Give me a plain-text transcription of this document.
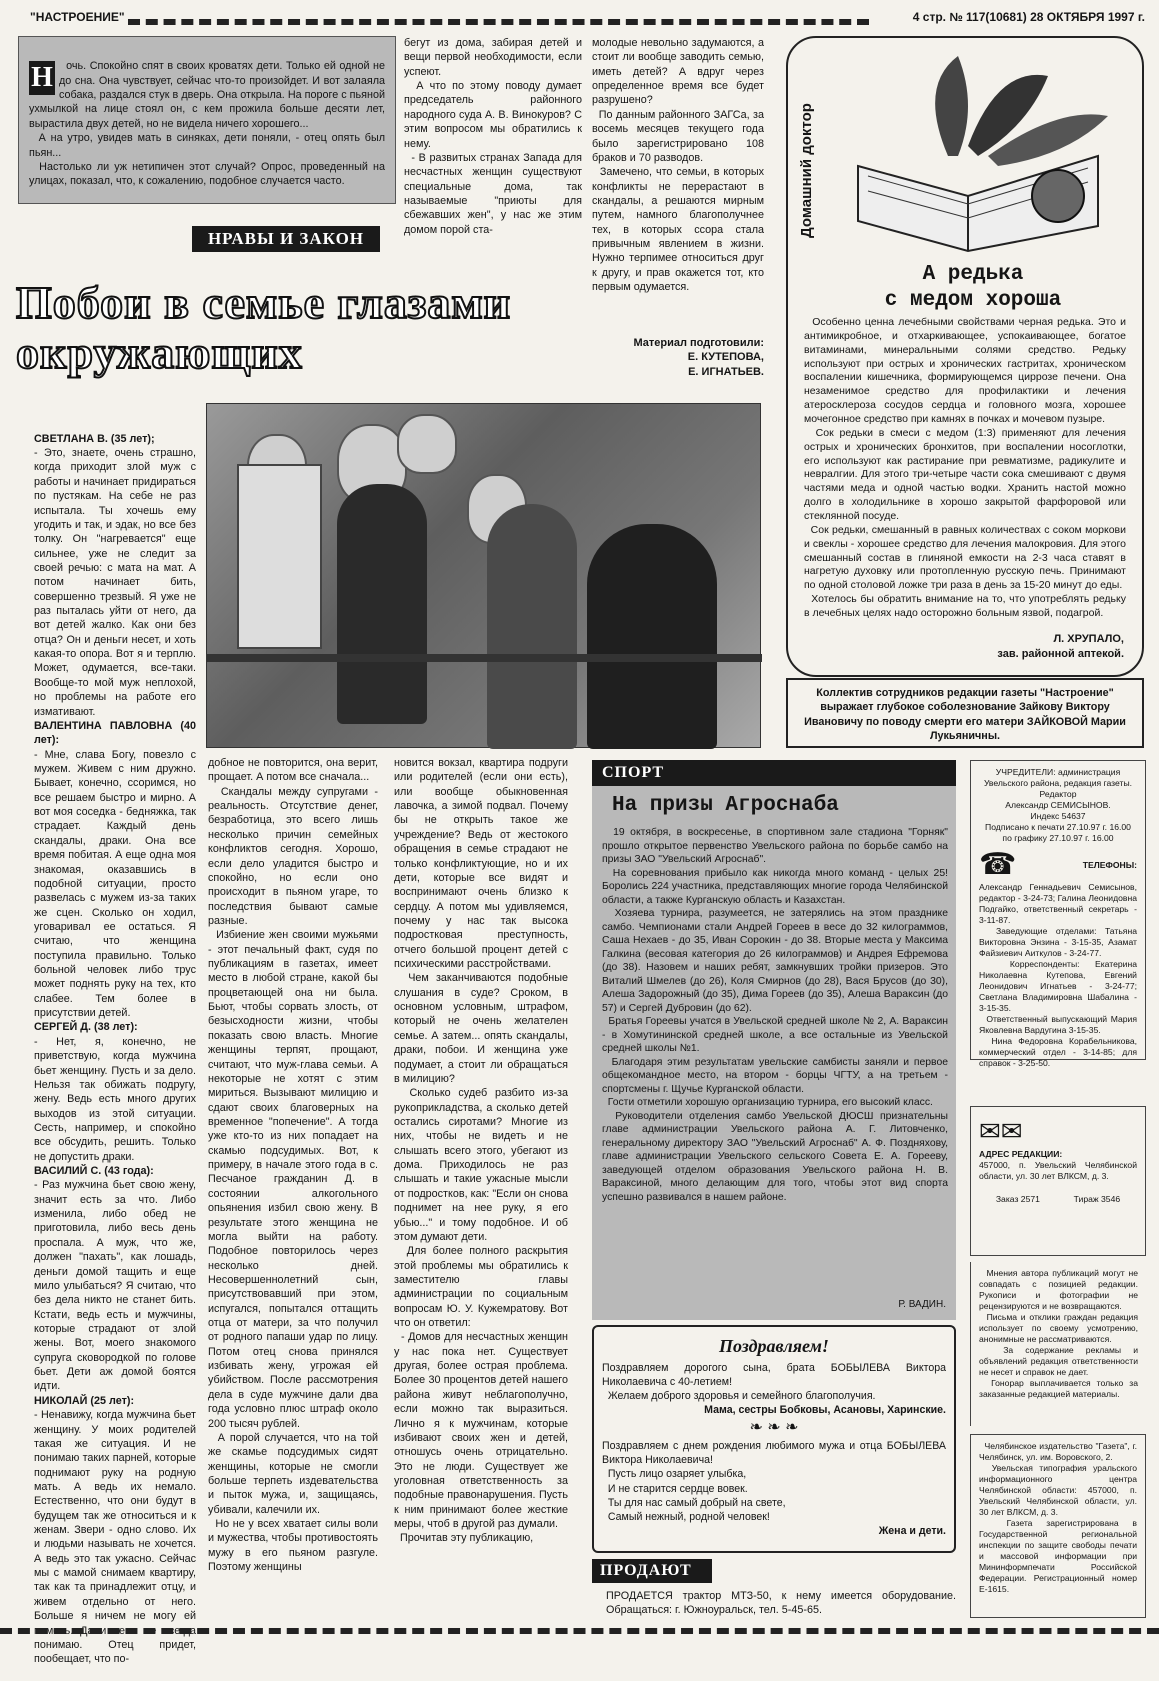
"НАСТРОЕНИЕ"	4 стр. № 117(10681) 28 ОКТЯБРЯ 1997 г.

Н очь. Спокойно спят в своих кроватях дети. Только ей одной не до сна. Она чувствует, сейчас что-то произойдет. И вот залаяла собака, раздался стук в дверь. Она открыла. На пороге с пьяной ухмылкой на лице стоял он, с кем прожила больше десяти лет, вырастила двух детей, но не видела ничего хорошего...
А на утро, увидев мать в синяках, дети поняли, - отец опять был пьян...
Настолько ли уж нетипичен этот случай? Опрос, проведенный на улицах, показал, что, к сожалению, подобное случается часто.

бегут из дома, забирая детей и вещи первой необходимости, если успеют.
А что по этому поводу думает председатель районного народного суда А. В. Винокуров? С этим вопросом мы обратились к нему.
- В развитых странах Запада для несчастных женщин существуют специальные дома, так называемые "приюты для сбежавших жен", у нас же этим домом порой ста-
молодые невольно задумаются, а стоит ли вообще заводить семью, иметь детей? А вдруг через определенное время все будет разрушено?
По данным районного ЗАГСа, за восемь месяцев текущего года было зарегистрировано 108 браков и 70 разводов.
Замечено, что семьи, в которых конфликты не перерастают в скандалы, а решаются мирным путем, намного благополучнее тех, в которых ссора стала привычным явлением в жизни. Нужно терпимее относиться друг к другу, и прав окажется тот, кто первым одумается.
Материал подготовили:
Е. КУТЕПОВА,
Е. ИГНАТЬЕВ.
НРАВЫ И ЗАКОН
Побои в семье глазами окружающих

СВЕТЛАНА В. (35 лет);
- Это, знаете, очень страшно, когда приходит злой муж с работы и начинает придираться по пустякам. На себе не раз испытала. Ты хочешь ему угодить и так, и эдак, но все без толку. Он "нагревается" еще сильнее, уже не следит за своей речью: с мата на мат. А потом начинает бить, совершенно трезвый. Я уже не раз пыталась уйти от него, да вот детей жалко. Как они без отца? Он и деньги несет, и хоть какая-то опора. Вот я и терплю. Может, одумается, все-таки. Вообще-то мой муж неплохой, но проблемы на работе его измативают.
ВАЛЕНТИНА ПАВЛОВНА (40 лет):
- Мне, слава Богу, повезло с мужем. Живем с ним дружно. Бывает, конечно, ссоримся, но все решаем быстро и мирно. А вот моя соседка - бедняжка, так страдает. Каждый день скандалы, драки. Она все время побитая. А еще одна моя знакомая, оказавшись в подобной ситуации, просто развелась с мужем из-за таких же сцен. Сколько он ходил, уговаривал ее остаться. Я считаю, что женщина поступила правильно. Только больной человек либо трус может поднять руку на тех, кто слабее. Тем более в присутствии детей.
СЕРГЕЙ Д. (38 лет):
- Нет, я, конечно, не приветствую, когда мужчина бьет женщину. Пусть и за дело. Нельзя так обижать подругу, жену. Ведь есть много других выходов из этой ситуации. Сесть, например, и спокойно все обсудить, решить. Только не допустить драки.
ВАСИЛИЙ С. (43 года):
- Раз мужчина бьет свою жену, значит есть за что. Либо изменила, либо обед не приготовила, либо весь день проспала. А муж, что же, должен "пахать", как лошадь, деньги домой тащить и еще мило улыбаться? Я считаю, что без дела никто не станет бить. Кстати, ведь есть и мужчины, которые страдают от злой жены. Вот, моего знакомого супруга сковородкой по голове бьет. Дети аж домой боятся идти.
НИКОЛАЙ (25 лет):
- Ненавижу, когда мужчина бьет женщину. У моих родителей такая же ситуация. И не понимаю таких парней, которые поднимают руку на родную мать. А ведь их немало. Естественно, что они будут в будущем так же относиться и к женам. Звери - одно слово. Их и людьми называть не хочется. А ведь это так ужасно. Сейчас мы с мамой снимаем квартиру, так как та принадлежит отцу, и живем отдельно от него. Больше я ничем не могу ей помочь. Да и ее я не всегда понимаю. Отец придет, пообещает, что по-

добное не повторится, она верит, прощает. А потом все сначала...
Скандалы между супругами - реальность. Отсутствие денег, безработица, это всего лишь несколько причин семейных конфликтов сегодня. Хорошо, если дело уладится быстро и спокойно, но если оно происходит в пьяном угаре, то последствия бывают самые разные.
Избиение жен своими мужьями - этот печальный факт, судя по публикациям в газетах, имеет место в любой стране, какой бы процветающей она ни была. Бьют, чтобы сорвать злость, от безысходности жизни, чтобы показать свою власть. Многие женщины терпят, прощают, считают, что муж-глава семьи. А некоторые не хотят с этим мириться. Вызывают милицию и сдают своих благоверных на временное "попечение". А тогда уже кто-то из них попадает на скамью подсудимых. Вот, к примеру, в начале этого года в с. Песчаное гражданин Д. в состоянии алкогольного опьянения избил свою жену. В результате этого женщина не могла выйти на работу. Подобное повторилось через несколько дней. Несовершеннолетний сын, присутствовавший при этом, испугался, попытался оттащить отца от матери, за что получил от родного папаши удар по лицу. Потом отец снова принялся избивать жену, угрожая ей убийством. После рассмотрения дела в суде мужчине дали два года условно плюс штраф около 200 тысяч рублей.
А порой случается, что на той же скамье подсудимых сидят женщины, которые не смогли больше терпеть издевательства и пыток мужа, и, защищаясь, убивали, калечили их.
Но не у всех хватает силы воли и мужества, чтобы противостоять мужу в его пьяном разгуле. Поэтому женщины
новится вокзал, квартира подруги или родителей (если они есть), или вообще обыкновенная лавочка, а зимой подвал. Почему бы не открыть такое же учреждение? Ведь от жестокого обращения в семье страдают не только конфликтующие, но и их дети, которые все видят и воспринимают очень близко к сердцу. А потом мы удивляемся, почему у нас так высока подростковая преступность, отчего большой процент детей с психическими расстройствами.
Чем заканчиваются подобные слушания в суде? Сроком, в основном условным, штрафом, который не очень желателен семье. А затем... опять скандалы, драки, побои. И женщина уже подумает, а стоит ли обращаться в милицию?
Сколько судеб разбито из-за рукоприкладства, а сколько детей остались сиротами? Многие из них, чтобы не видеть и не слышать всего этого, убегают из дома. Приходилось не раз слышать и такие ужасные мысли от подростков, как: "Если он снова поднимет на нее руку, я его убью..." и тому подобное. И об этом думают дети.
Для более полного раскрытия этой проблемы мы обратились к заместителю главы администрации по социальным вопросам Ю. У. Кужемратову. Вот что он ответил:
- Домов для несчастных женщин у нас пока нет. Существует другая, более острая проблема. Более 30 процентов детей нашего района живут неблагополучно, если можно так выразиться. Лично я к мужчинам, которые избивают своих жен и детей, отношусь очень отрицательно. Это не люди. Существует же уголовная ответственность за подобные правонарушения. Пусть к ним принимают более жесткие меры, чтоб в другой раз думали.
Прочитав эту публикацию,
Домашний доктор
А редька
с медом хороша
Особенно ценна лечебными свойствами черная редька. Это и антимикробное, и отхаркивающее, успокаивающее, богатое витаминами, минеральными солями средство. Редьку используют при острых и хронических гастритах, хроническом воспалении кишечника, формирующемся циррозе печени. Она незаменимое средство для профилактики и лечения атеросклероза сосудов сердца и головного мозга, хорошее мочегонное средство при камнях в почках и мочевом пузыре.
Сок редьки в смеси с медом (1:3) применяют для лечения острых и хронических бронхитов, при воспалении носоглотки, его используют как растирание при ревматизме, радикулите и невралгии. Для этого три-четыре части сока смешивают с двумя частями меда и одной частью водки. Хранить настой можно долго в холодильнике в хорошо закрытой фарфоровой или стеклянной посуде.
Сок редьки, смешанный в равных количествах с соком моркови и свеклы - хорошее средство для лечения малокровия. Для этого смешанный состав в глиняной емкости на 2-3 часа ставят в нагретую духовку или протопленную русскую печь. Принимают по одной столовой ложке три раза в день за 15-20 минут до еды.
Хотелось бы обратить внимание на то, что употреблять редьку в лечебных целях надо осторожно больным язвой, подагрой.
Л. ХРУПАЛО,
зав. районной аптекой.
Коллектив сотрудников редакции газеты "Настроение" выражает глубокое соболезнование Зайкову Виктору Ивановичу по поводу смерти его матери ЗАЙКОВОЙ Марии Лукьяничны.
СПОРТ
На призы Агроснаба
19 октября, в воскресенье, в спортивном зале стадиона "Горняк" прошло открытое первенство Увельского района по борьбе самбо на призы ЗАО "Увельский Агроснаб".
На соревнования прибыло как никогда много команд - целых 25! Боролись 224 участника, представляющих многие города Челябинской области, а также Курганскую область и Казахстан.
Хозяева турнира, разумеется, не затерялись на этом празднике самбо. Чемпионами стали Андрей Гореев в весе до 32 килограммов, Саша Нехаев - до 35, Иван Сорокин - до 38. Вторые места у Максима Галкина (весовая категория до 26 килограммов) и Андрея Ефремова (до 38). Назовем и наших ребят, замкнувших тройки призеров. Это Виталий Шмелев (до 26), Коля Смирнов (до 28), Вася Брусов (до 30), Алеша Задорожный (до 35), Дима Гореев (до 35), Алеша Вараксин (до 57) и Сергей Дубровин (до 62).
Братья Гореевы учатся в Увельской средней школе № 2, А. Вараксин - в Хомутининской средней школе, а все остальные из Увельской средней школы №1.
Благодаря этим результатам увельские самбисты заняли и первое общекомандное место, на втором - борцы ЧГТУ, а на третьем - спортсмены г. Щучье Курганской области.
Гости отметили хорошую организацию турнира, его высокий класс.
Руководители отделения самбо Увельской ДЮСШ признательны главе администрации Увельского района А. Г. Литовченко, генеральному директору ЗАО "Увельский Агроснаб" А. Ф. Поздняхову, главе администрации Увельского сельского Совета Е. А. Горееву, заведующей отделом образования Увельского района Н. В. Вараксиной, много делающим для того, чтобы этот вид спорта успешно развивался в нашем районе.
Р. ВАДИН.
Поздравляем!
Поздравляем дорогого сына, брата БОБЫЛЕВА Виктора Николаевича с 40-летием!
Желаем доброго здоровья и семейного благополучия.
Мама, сестры Бобковы, Асановы, Харинские.
❧ ❧ ❧
Поздравляем с днем рождения любимого мужа и отца БОБЫЛЕВА Виктора Николаевича!
Пусть лицо озаряет улыбка,
И не старится сердце вовек.
Ты для нас самый добрый на свете,
Самый нежный, родной человек!
Жена и дети.
ПРОДАЮТ
ПРОДАЕТСЯ трактор МТЗ-50, к нему имеется оборудование. Обращаться: г. Южноуральск, тел. 5-45-65.
УЧРЕДИТЕЛИ: администрация Увельского района, редакция газеты.
Редактор
Александр СЕМИСЫНОВ.
Индекс 54637
Подписано к печати 27.10.97 г. 16.00
по графику 27.10.97 г. 16.00
☎	ТЕЛЕФОНЫ:
Александр Геннадьевич Семисынов, редактор - 3-24-73; Галина Леонидовна Подгайко, ответственный секретарь - 3-11-87.
Заведующие отделами: Татьяна Викторовна Энзина - 3-15-35, Азамат Файзиевич Аиткулов - 3-24-77.
Корреспонденты: Екатерина Николаевна Кутепова, Евгений Леонидович Игнатьев - 3-24-77; Светлана Владимировна Шабалина - 3-15-35.
Ответственный выпускающий Мария Яковлевна Вардугина 3-15-35.
Нина Федоровна Корабельникова, коммерческий отдел - 3-14-85; для справок - 3-25-50.
✉✉
АДРЕС РЕДАКЦИИ:
457000, п. Увельский Челябинской области, ул. 30 лет ВЛКСМ, д. 3.
Заказ 2571	Тираж 3546
Мнения автора публикаций могут не совпадать с позицией редакции. Рукописи и фотографии не рецензируются и не возвращаются.
Письма и отклики граждан редакция использует по своему усмотрению, анонимные не рассматриваются.
За содержание рекламы и объявлений редакция ответственности не несет и справок не дает.
Гонорар выплачивается только за заказанные редакцией материалы.
Челябинское издательство "Газета", г. Челябинск, ул. им. Воровского, 2.
Увельская типография уральского информационного центра Челябинской области: 457000, п. Увельский Челябинской области, ул. 30 лет ВЛКСМ, д. 3.
Газета зарегистрирована в Государственной региональной инспекции по защите свободы печати и массовой информации при Мининформпечати Российской Федерации. Регистрационный номер Е-1615.
